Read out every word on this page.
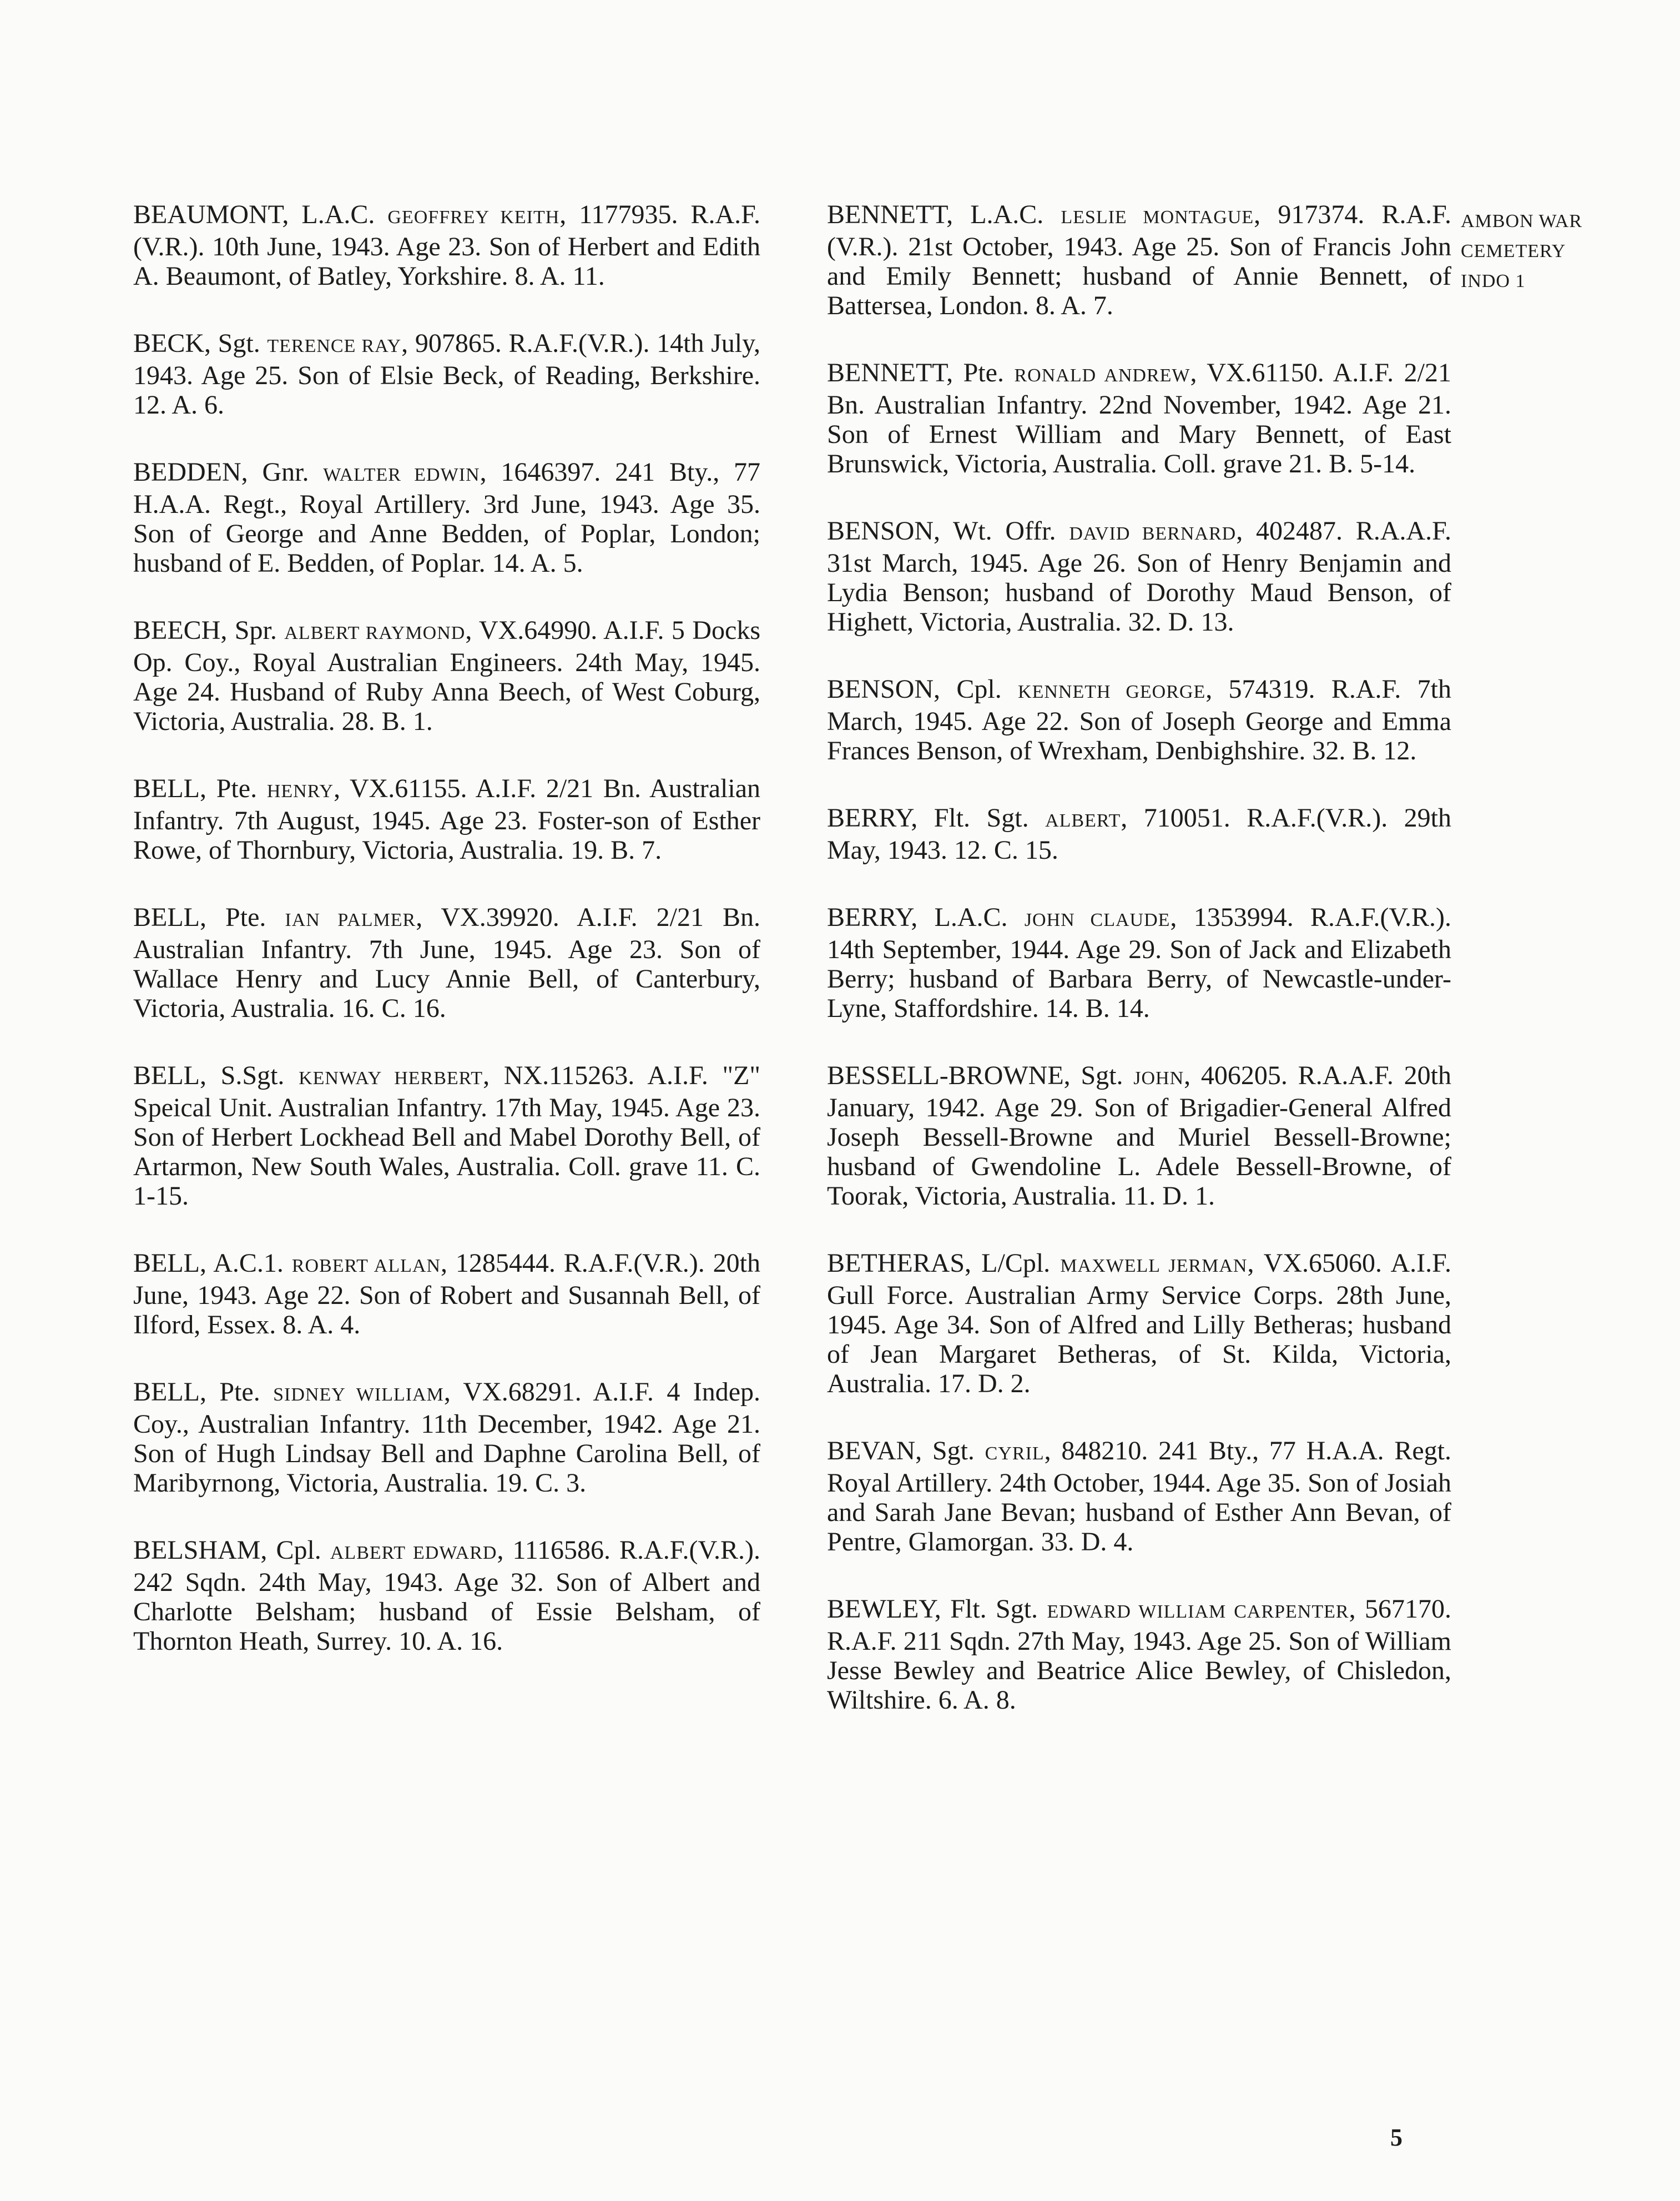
BEAUMONT, L.A.C. GEOFFREY KEITH, 1177935. R.A.F.(V.R.). 10th June, 1943. Age 23. Son of Herbert and Edith A. Beaumont, of Batley, Yorkshire. 8. A. 11.

BECK, Sgt. TERENCE RAY, 907865. R.A.F.(V.R.). 14th July, 1943. Age 25. Son of Elsie Beck, of Reading, Berkshire. 12. A. 6.

BEDDEN, Gnr. WALTER EDWIN, 1646397. 241 Bty., 77 H.A.A. Regt., Royal Artillery. 3rd June, 1943. Age 35. Son of George and Anne Bedden, of Poplar, London; husband of E. Bedden, of Poplar. 14. A. 5.

BEECH, Spr. ALBERT RAYMOND, VX.64990. A.I.F. 5 Docks Op. Coy., Royal Australian Engineers. 24th May, 1945. Age 24. Husband of Ruby Anna Beech, of West Coburg, Victoria, Australia. 28. B. 1.

BELL, Pte. HENRY, VX.61155. A.I.F. 2/21 Bn. Australian Infantry. 7th August, 1945. Age 23. Foster-son of Esther Rowe, of Thornbury, Victoria, Australia. 19. B. 7.

BELL, Pte. IAN PALMER, VX.39920. A.I.F. 2/21 Bn. Australian Infantry. 7th June, 1945. Age 23. Son of Wallace Henry and Lucy Annie Bell, of Canterbury, Victoria, Australia. 16. C. 16.

BELL, S.Sgt. KENWAY HERBERT, NX.115263. A.I.F. "Z" Speical Unit. Australian Infantry. 17th May, 1945. Age 23. Son of Herbert Lockhead Bell and Mabel Dorothy Bell, of Artarmon, New South Wales, Australia. Coll. grave 11. C. 1-15.

BELL, A.C.1. ROBERT ALLAN, 1285444. R.A.F.(V.R.). 20th June, 1943. Age 22. Son of Robert and Susannah Bell, of Ilford, Essex. 8. A. 4.

BELL, Pte. SIDNEY WILLIAM, VX.68291. A.I.F. 4 Indep. Coy., Australian Infantry. 11th December, 1942. Age 21. Son of Hugh Lindsay Bell and Daphne Carolina Bell, of Maribyrnong, Victoria, Australia. 19. C. 3.

BELSHAM, Cpl. ALBERT EDWARD, 1116586. R.A.F.(V.R.). 242 Sqdn. 24th May, 1943. Age 32. Son of Albert and Charlotte Belsham; husband of Essie Belsham, of Thornton Heath, Surrey. 10. A. 16.

BENNETT, L.A.C. LESLIE MONTAGUE, 917374. R.A.F.(V.R.). 21st October, 1943. Age 25. Son of Francis John and Emily Bennett; husband of Annie Bennett, of Battersea, London. 8. A. 7.

BENNETT, Pte. RONALD ANDREW, VX.61150. A.I.F. 2/21 Bn. Australian Infantry. 22nd November, 1942. Age 21. Son of Ernest William and Mary Bennett, of East Brunswick, Victoria, Australia. Coll. grave 21. B. 5-14.

BENSON, Wt. Offr. DAVID BERNARD, 402487. R.A.A.F. 31st March, 1945. Age 26. Son of Henry Benjamin and Lydia Benson; husband of Dorothy Maud Benson, of Highett, Victoria, Australia. 32. D. 13.

BENSON, Cpl. KENNETH GEORGE, 574319. R.A.F. 7th March, 1945. Age 22. Son of Joseph George and Emma Frances Benson, of Wrexham, Denbighshire. 32. B. 12.

BERRY, Flt. Sgt. ALBERT, 710051. R.A.F.(V.R.). 29th May, 1943. 12. C. 15.

BERRY, L.A.C. JOHN CLAUDE, 1353994. R.A.F.(V.R.). 14th September, 1944. Age 29. Son of Jack and Elizabeth Berry; husband of Barbara Berry, of Newcastle-under-Lyne, Staffordshire. 14. B. 14.

BESSELL-BROWNE, Sgt. JOHN, 406205. R.A.A.F. 20th January, 1942. Age 29. Son of Brigadier-General Alfred Joseph Bessell-Browne and Muriel Bessell-Browne; husband of Gwendoline L. Adele Bessell-Browne, of Toorak, Victoria, Australia. 11. D. 1.

BETHERAS, L/Cpl. MAXWELL JERMAN, VX.65060. A.I.F. Gull Force. Australian Army Service Corps. 28th June, 1945. Age 34. Son of Alfred and Lilly Betheras; husband of Jean Margaret Betheras, of St. Kilda, Victoria, Australia. 17. D. 2.

BEVAN, Sgt. CYRIL, 848210. 241 Bty., 77 H.A.A. Regt. Royal Artillery. 24th October, 1944. Age 35. Son of Josiah and Sarah Jane Bevan; husband of Esther Ann Bevan, of Pentre, Glamorgan. 33. D. 4.

BEWLEY, Flt. Sgt. EDWARD WILLIAM CARPENTER, 567170. R.A.F. 211 Sqdn. 27th May, 1943. Age 25. Son of William Jesse Bewley and Beatrice Alice Bewley, of Chisledon, Wiltshire. 6. A. 8.

AMBON WAR
CEMETERY
INDO 1
5
